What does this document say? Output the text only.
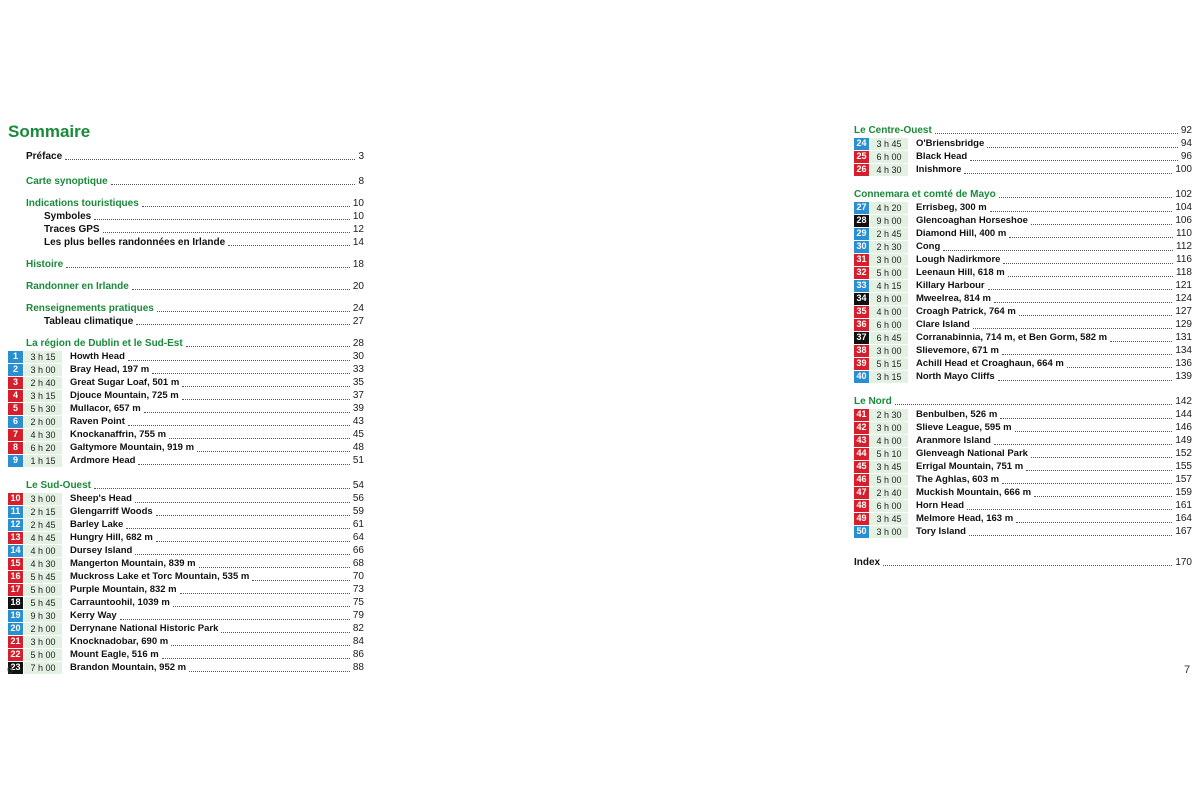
Sommaire
Préface	3
Carte synoptique	8
Indications touristiques	10
Symboles	10
Traces GPS	12
Les plus belles randonnées en Irlande	14
Histoire	18
Randonner en Irlande	20
Renseignements pratiques	24
Tableau climatique	27
La région de Dublin et le Sud-Est	28
1	3 h 15	Howth Head	30
2	3 h 00	Bray Head, 197 m	33
3	2 h 40	Great Sugar Loaf, 501 m	35
4	3 h 15	Djouce Mountain, 725 m	37
5	5 h 30	Mullacor, 657 m	39
6	2 h 00	Raven Point	43
7	4 h 30	Knockanaffrin, 755 m	45
8	6 h 20	Galtymore Mountain, 919 m	48
9	1 h 15	Ardmore Head	51
Le Sud-Ouest	54
10	3 h 00	Sheep's Head	56
11	2 h 15	Glengarriff Woods	59
12	2 h 45	Barley Lake	61
13	4 h 45	Hungry Hill, 682 m	64
14	4 h 00	Dursey Island	66
15	4 h 30	Mangerton Mountain, 839 m	68
16	5 h 45	Muckross Lake et Torc Mountain, 535 m	70
17	5 h 00	Purple Mountain, 832 m	73
18	5 h 45	Carrauntoohil, 1039 m	75
19	9 h 30	Kerry Way	79
20	2 h 00	Derrynane National Historic Park	82
21	3 h 00	Knocknadobar, 690 m	84
22	5 h 00	Mount Eagle, 516 m	86
23	7 h 00	Brandon Mountain, 952 m	88
6
Le Centre-Ouest	92
24	3 h 45	O'Briensbridge	94
25	6 h 00	Black Head	96
26	4 h 30	Inishmore	100
Connemara et comté de Mayo	102
27	4 h 20	Errisbeg, 300 m	104
28	9 h 00	Glencoaghan Horseshoe	106
29	2 h 45	Diamond Hill, 400 m	110
30	2 h 30	Cong	112
31	3 h 00	Lough Nadirkmore	116
32	5 h 00	Leenaun Hill, 618 m	118
33	4 h 15	Killary Harbour	121
34	8 h 00	Mweelrea, 814 m	124
35	4 h 00	Croagh Patrick, 764 m	127
36	6 h 00	Clare Island	129
37	6 h 45	Corranabinnia, 714 m, et Ben Gorm, 582 m	131
38	3 h 00	Slievemore, 671 m	134
39	5 h 15	Achill Head et Croaghaun, 664 m	136
40	3 h 15	North Mayo Cliffs	139
Le Nord	142
41	2 h 30	Benbulben, 526 m	144
42	3 h 00	Slieve League, 595 m	146
43	4 h 00	Aranmore Island	149
44	5 h 10	Glenveagh National Park	152
45	3 h 45	Errigal Mountain, 751 m	155
46	5 h 00	The Aghlas, 603 m	157
47	2 h 40	Muckish Mountain, 666 m	159
48	6 h 00	Horn Head	161
49	3 h 45	Melmore Head, 163 m	164
50	3 h 00	Tory Island	167
Index	170
7
